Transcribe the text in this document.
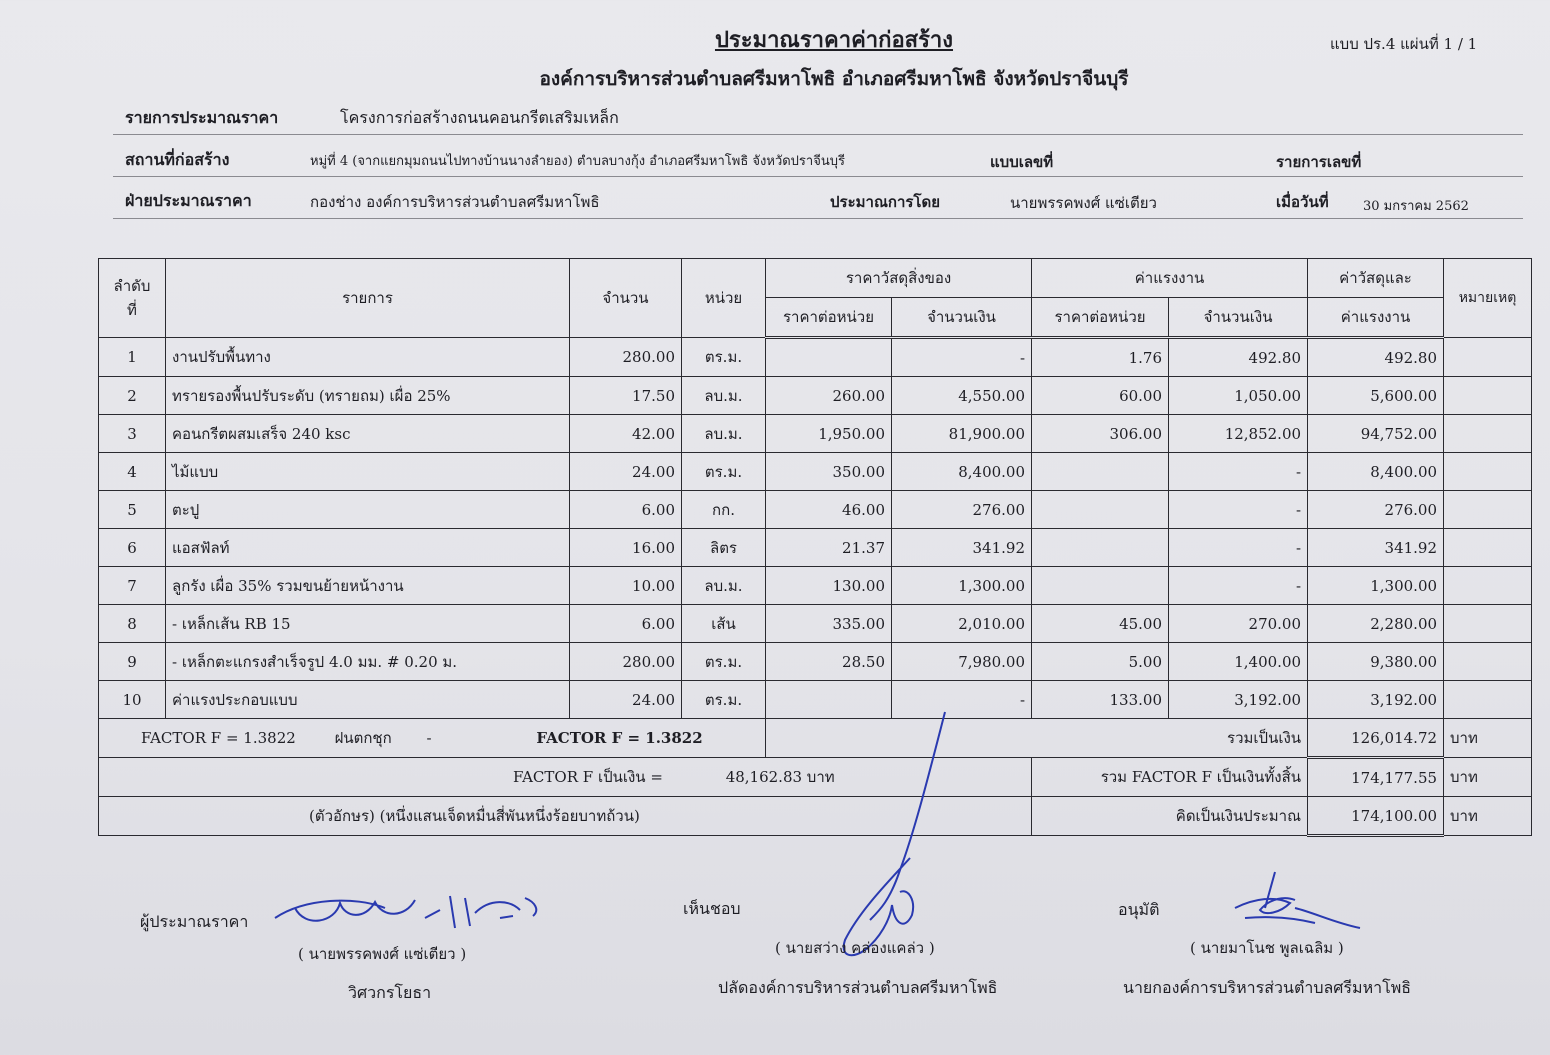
ประมาณราคาค่าก่อสร้าง	แบบ ปร.4 แผ่นที่ 1 / 1
องค์การบริหารส่วนตำบลศรีมหาโพธิ อำเภอศรีมหาโพธิ จังหวัดปราจีนบุรี
รายการประมาณราคา	โครงการก่อสร้างถนนคอนกรีตเสริมเหล็ก
สถานที่ก่อสร้าง	หมู่ที่ 4 (จากแยกมุมถนนไปทางบ้านนางลำยอง) ตำบลบางกุ้ง อำเภอศรีมหาโพธิ จังหวัดปราจีนบุรี	แบบเลขที่	รายการเลขที่
ฝ่ายประมาณราคา	กองช่าง องค์การบริหารส่วนตำบลศรีมหาโพธิ	ประมาณการโดย	นายพรรคพงศ์ แซ่เตียว	เมื่อวันที่	30 มกราคม 2562
ลำดับ
ที่	รายการ	จำนวน	หน่วย	ราคาวัสดุสิ่งของ		ค่าแรงงาน		ค่าวัสดุและ	หมายเหตุ
				ราคาต่อหน่วย	จำนวนเงิน	ราคาต่อหน่วย	จำนวนเงิน	ค่าแรงงาน	
1	งานปรับพื้นทาง	280.00	ตร.ม.		-	1.76	492.80	492.80	
2	ทรายรองพื้นปรับระดับ (ทรายถม) เผื่อ 25%	17.50	ลบ.ม.	260.00	4,550.00	60.00	1,050.00	5,600.00	
3	คอนกรีตผสมเสร็จ 240 ksc	42.00	ลบ.ม.	1,950.00	81,900.00	306.00	12,852.00	94,752.00	
4	ไม้แบบ	24.00	ตร.ม.	350.00	8,400.00		-	8,400.00	
5	ตะปู	6.00	กก.	46.00	276.00		-	276.00	
6	แอสฟัลท์	16.00	ลิตร	21.37	341.92		-	341.92	
7	ลูกรัง เผื่อ 35% รวมขนย้ายหน้างาน	10.00	ลบ.ม.	130.00	1,300.00		-	1,300.00	
8	- เหล็กเส้น RB 15	6.00	เส้น	335.00	2,010.00	45.00	270.00	2,280.00	
9	- เหล็กตะแกรงสำเร็จรูป 4.0 มม. # 0.20 ม.	280.00	ตร.ม.	28.50	7,980.00	5.00	1,400.00	9,380.00	
10	ค่าแรงประกอบแบบ	24.00	ตร.ม.		-	133.00	3,192.00	3,192.00	
FACTOR F = 1.3822 ฝนตกชุก - FACTOR F = 1.3822				รวมเป็นเงิน				126,014.72	บาท
FACTOR F เป็นเงิน = 48,162.83 บาท						รวม FACTOR F เป็นเงินทั้งสิ้น		174,177.55	บาท
(ตัวอักษร) (หนึ่งแสนเจ็ดหมื่นสี่พันหนึ่งร้อยบาทถ้วน)						คิดเป็นเงินประมาณ		174,100.00	บาท
ผู้ประมาณราคา
( นายพรรคพงศ์ แซ่เตียว )
วิศวกรโยธา
เห็นชอบ
( นายสว่าง คล่องแคล่ว )
ปลัดองค์การบริหารส่วนตำบลศรีมหาโพธิ
อนุมัติ
( นายมาโนช พูลเฉลิม )
นายกองค์การบริหารส่วนตำบลศรีมหาโพธิ
